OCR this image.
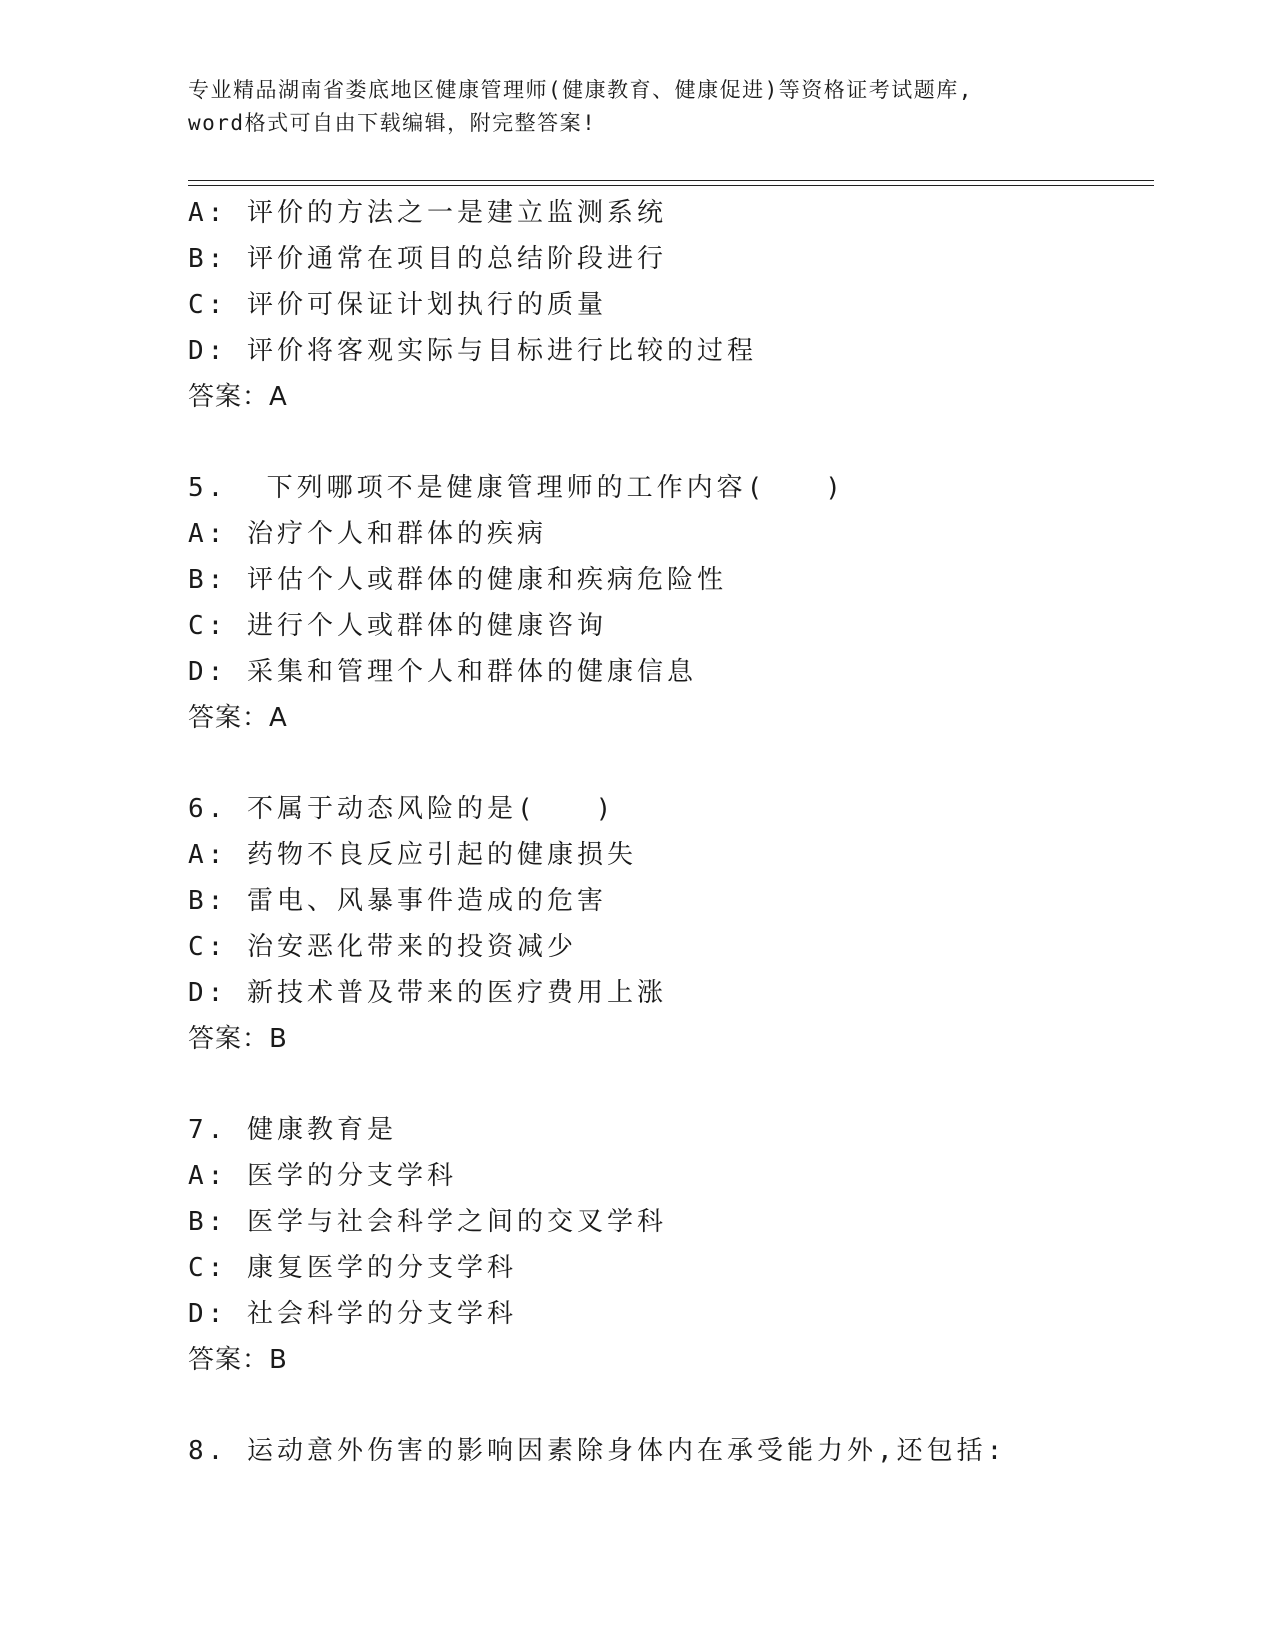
专业精品湖南省娄底地区健康管理师(健康教育、健康促进)等资格证考试题库,
word格式可自由下载编辑，附完整答案!
A: 评价的方法之一是建立监测系统
B: 评价通常在项目的总结阶段进行
C: 评价可保证计划执行的质量
D: 评价将客观实际与目标进行比较的过程
答案：A
5.  下列哪项不是健康管理师的工作内容(   )
A: 治疗个人和群体的疾病
B: 评估个人或群体的健康和疾病危险性
C: 进行个人或群体的健康咨询
D: 采集和管理个人和群体的健康信息
答案：A
6. 不属于动态风险的是(   )
A: 药物不良反应引起的健康损失
B: 雷电、风暴事件造成的危害
C: 治安恶化带来的投资减少
D: 新技术普及带来的医疗费用上涨
答案：B
7. 健康教育是
A: 医学的分支学科
B: 医学与社会科学之间的交叉学科
C: 康复医学的分支学科
D: 社会科学的分支学科
答案：B
8. 运动意外伤害的影响因素除身体内在承受能力外,还包括:
